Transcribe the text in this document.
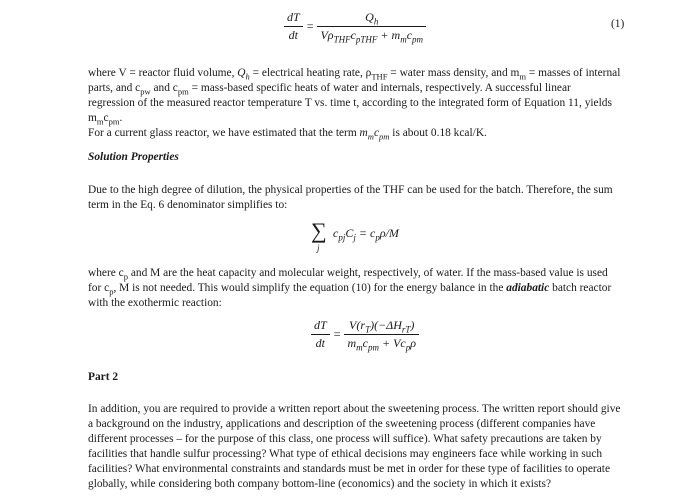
dT
dt
=
$Q_h$
$V\rho_{THF}c_{pTHF} + m_mc_{pm}$
(1)
where V = reactor fluid volume, $Q_h$ = electrical heating rate, $\rho_{THF}$ = water mass density, and $m_m$ = masses of internal
parts, and $c_{pw}$ and $c_{pm}$ = mass-based specific heats of water and internals, respectively. A successful linear
regression of the measured reactor temperature T vs. time t, according to the integrated form of Equation 11, yields
$m_mc_{pm}$.
For a current glass reactor, we have estimated that the term $m_mc_{pm}$ is about 0.18 kcal/K.
Solution Properties
Due to the high degree of dilution, the physical properties of the THF can be used for the batch. Therefore, the sum
term in the Eq. 6 denominator simplifies to:
∑
j
$c_{pj}C_j = c_p\rho/M$
where $c_p$ and M are the heat capacity and molecular weight, respectively, of water. If the mass-based value is used
for $c_p$, M is not needed. This would simplify the equation (10) for the energy balance in the adiabatic batch reactor
with the exothermic reaction:
dT
dt
=
$V(r_T)(-\Delta H_{rT})$
$m_mc_{pm} + Vc_p\rho$
Part 2
In addition, you are required to provide a written report about the sweetening process. The written report should give
a background on the industry, applications and description of the sweetening process (different companies have
different processes – for the purpose of this class, one process will suffice). What safety precautions are taken by
facilities that handle sulfur processing? What type of ethical decisions may engineers face while working in such
facilities? What environmental constraints and standards must be met in order for these type of facilities to operate
globally, while considering both company bottom-line (economics) and the society in which it exists?
